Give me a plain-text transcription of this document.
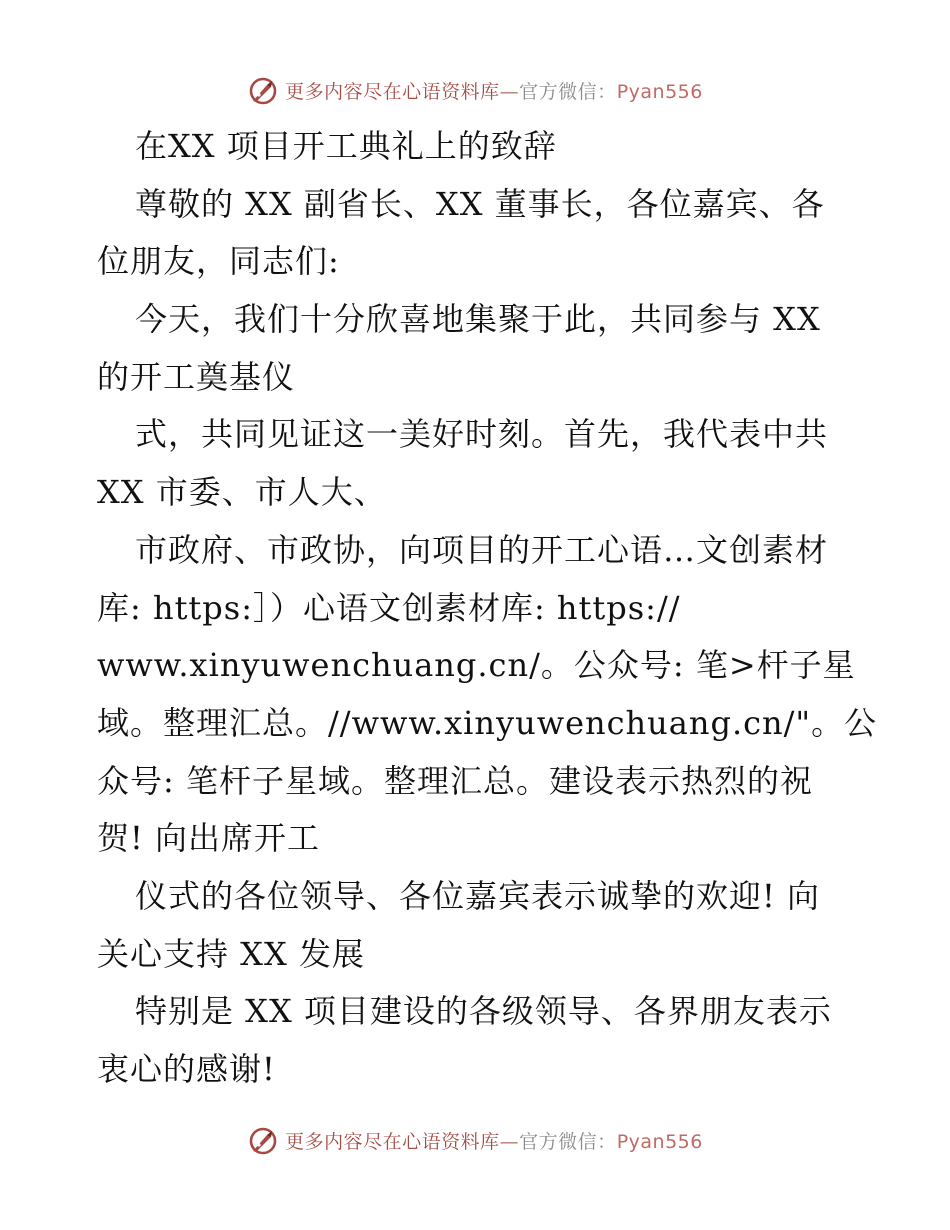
更多内容尽在心语资料库—官方微信：Pyan556
在XX 项目开工典礼上的致辞
尊敬的 XX 副省长、XX 董事长，各位嘉宾、各
位朋友，同志们:
今天，我们十分欣喜地集聚于此，共同参与 XX
的开工奠基仪
式，共同见证这一美好时刻。首先，我代表中共
XX 市委、市人大、
市政府、市政协，向项目的开工心语…文创素材
库: https:］）心语文创素材库: https://
www.xinyuwenchuang.cn/。公众号: 笔>杆子星
域。整理汇总。//www.xinyuwenchuang.cn/"。公
众号: 笔杆子星域。整理汇总。建设表示热烈的祝
贺! 向出席开工
仪式的各位领导、各位嘉宾表示诚挚的欢迎! 向
关心支持 XX 发展
特别是 XX 项目建设的各级领导、各界朋友表示
衷心的感谢!
更多内容尽在心语资料库—官方微信：Pyan556
